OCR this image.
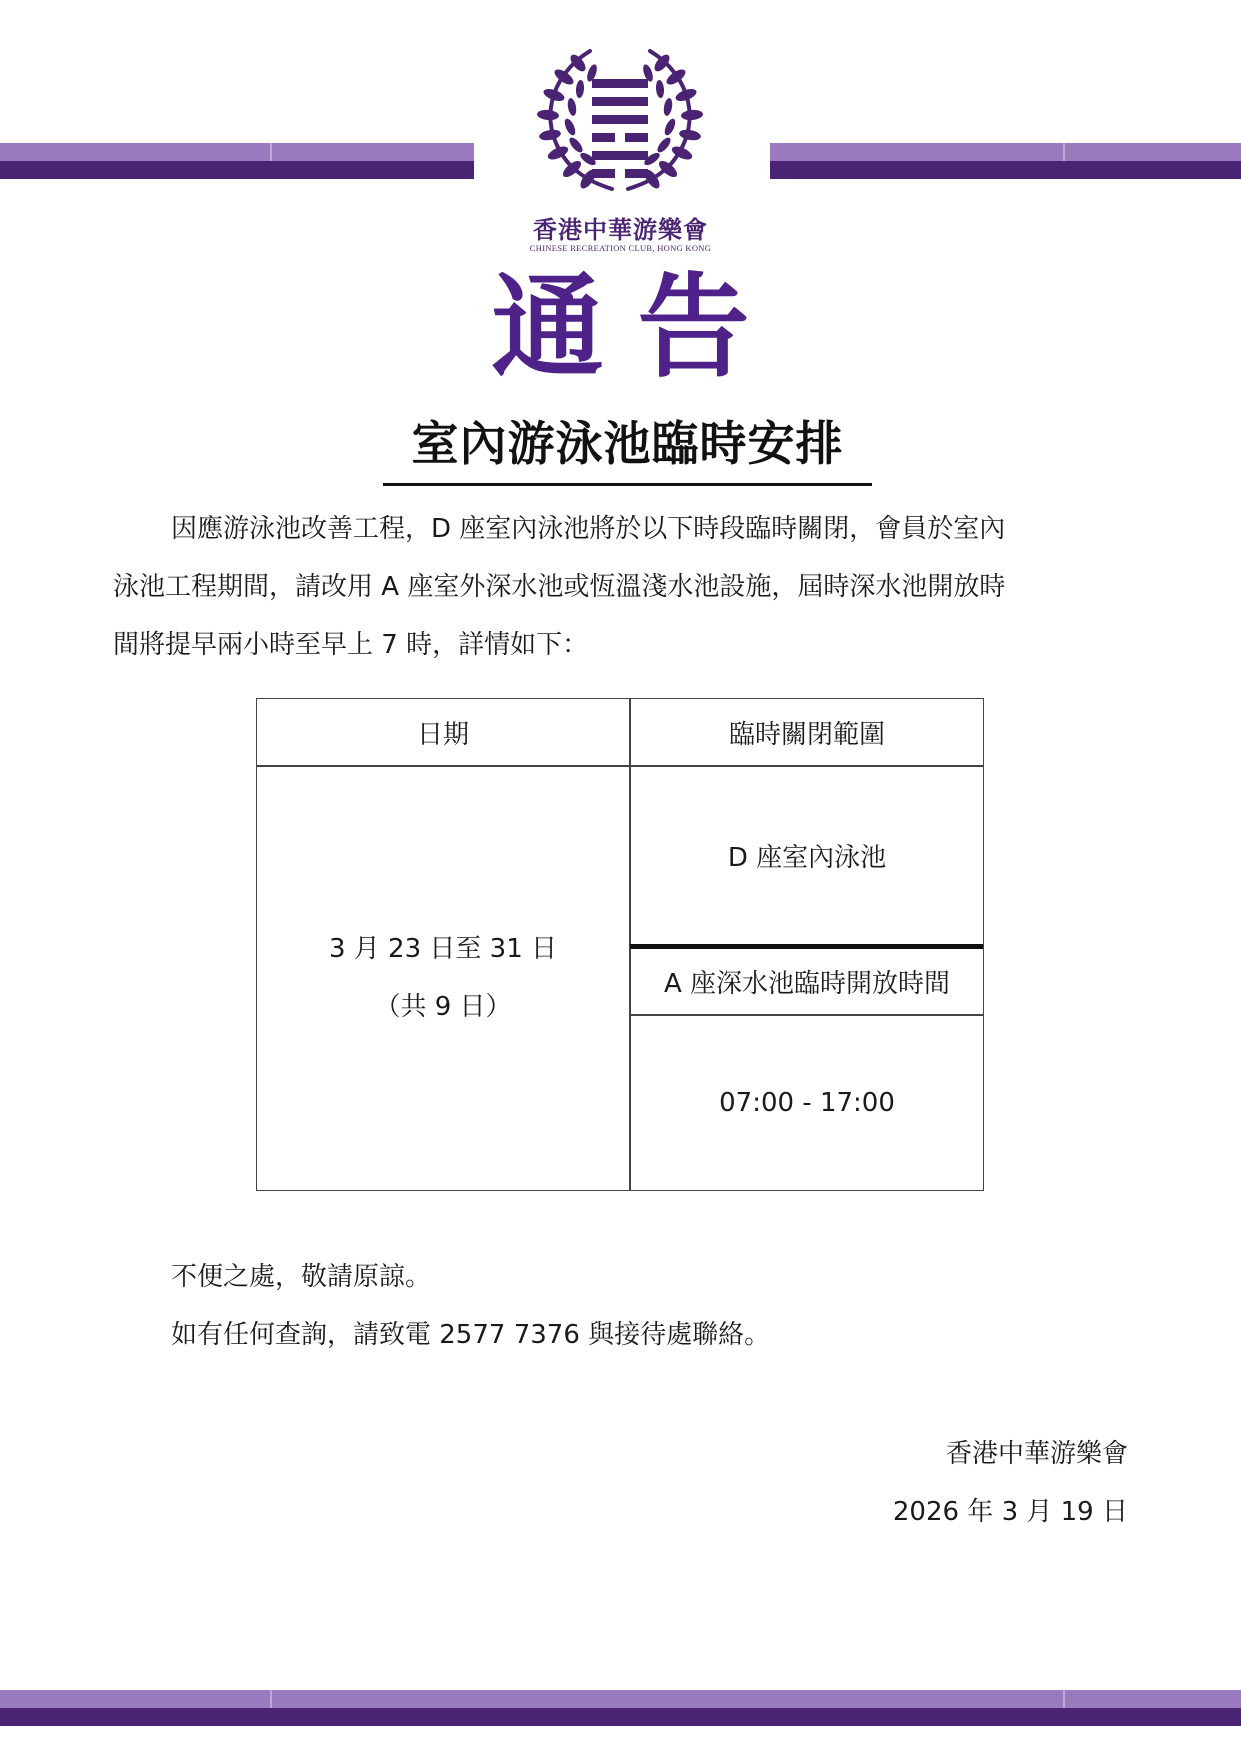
香港中華游樂會
CHINESE RECREATION CLUB, HONG KONG
通告
室內游泳池臨時安排
因應游泳池改善工程，D 座室內泳池將於以下時段臨時關閉，會員於室內
泳池工程期間，請改用 A 座室外深水池或恆溫淺水池設施，屆時深水池開放時
間將提早兩小時至早上 7 時，詳情如下：
日期	臨時關閉範圍
3 月 23 日至 31 日
（共 9 日）
D 座室內泳池
A 座深水池臨時開放時間
07:00 - 17:00
不便之處，敬請原諒。
如有任何查詢，請致電 2577 7376 與接待處聯絡。
香港中華游樂會
2026 年 3 月 19 日
